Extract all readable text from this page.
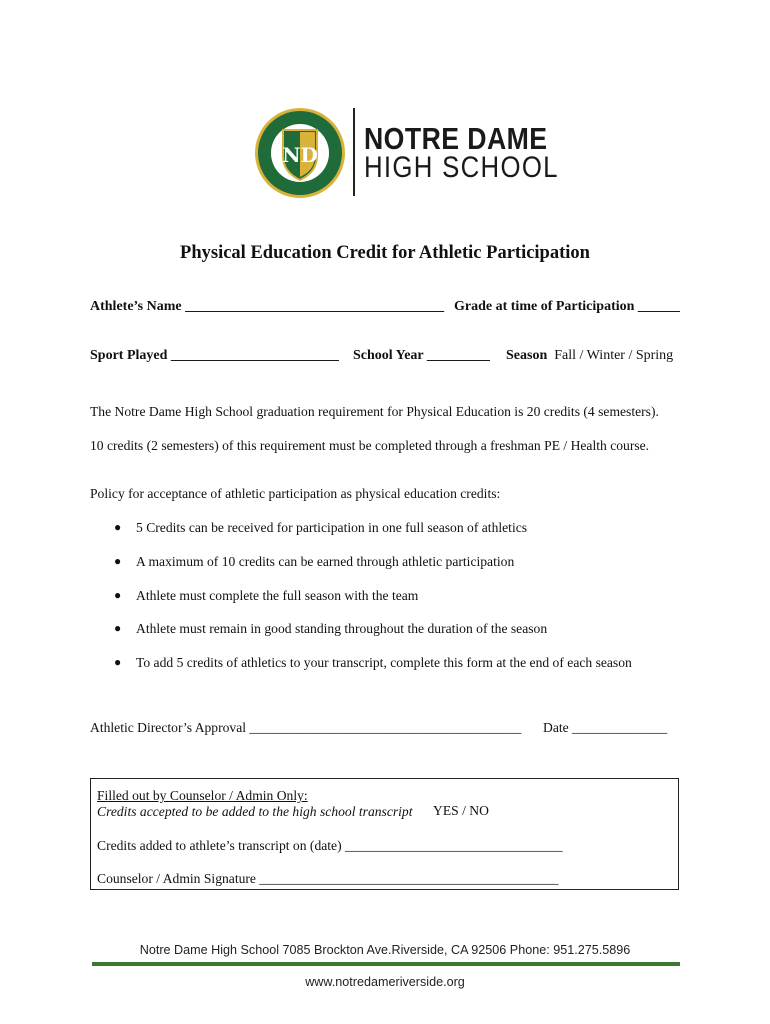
ND
+	+ NOTRE DAME
HIGH SCHOOL
Physical Education Credit for Athletic Participation
Athlete’s Name _____________________________________ Grade at time of Participation ______
Sport Played ________________________ School Year _________ Season Fall / Winter / Spring
The Notre Dame High School graduation requirement for Physical Education is 20 credits (4 semesters).
10 credits (2 semesters) of this requirement must be completed through a freshman PE / Health course.
Policy for acceptance of athletic participation as physical education credits:
● 5 Credits can be received for participation in one full season of athletics
● A maximum of 10 credits can be earned through athletic participation
● Athlete must complete the full season with the team
● Athlete must remain in good standing throughout the duration of the season
● To add 5 credits of athletics to your transcript, complete this form at the end of each season
Athletic Director’s Approval ________________________________________ Date ______________
Filled out by Counselor / Admin Only:
Credits accepted to be added to the high school transcript YES / NO
Credits added to athlete’s transcript on (date) ________________________________
Counselor / Admin Signature ____________________________________________
Notre Dame High School 7085 Brockton Ave.Riverside, CA 92506 Phone: 951.275.5896
www.notredameriverside.org
